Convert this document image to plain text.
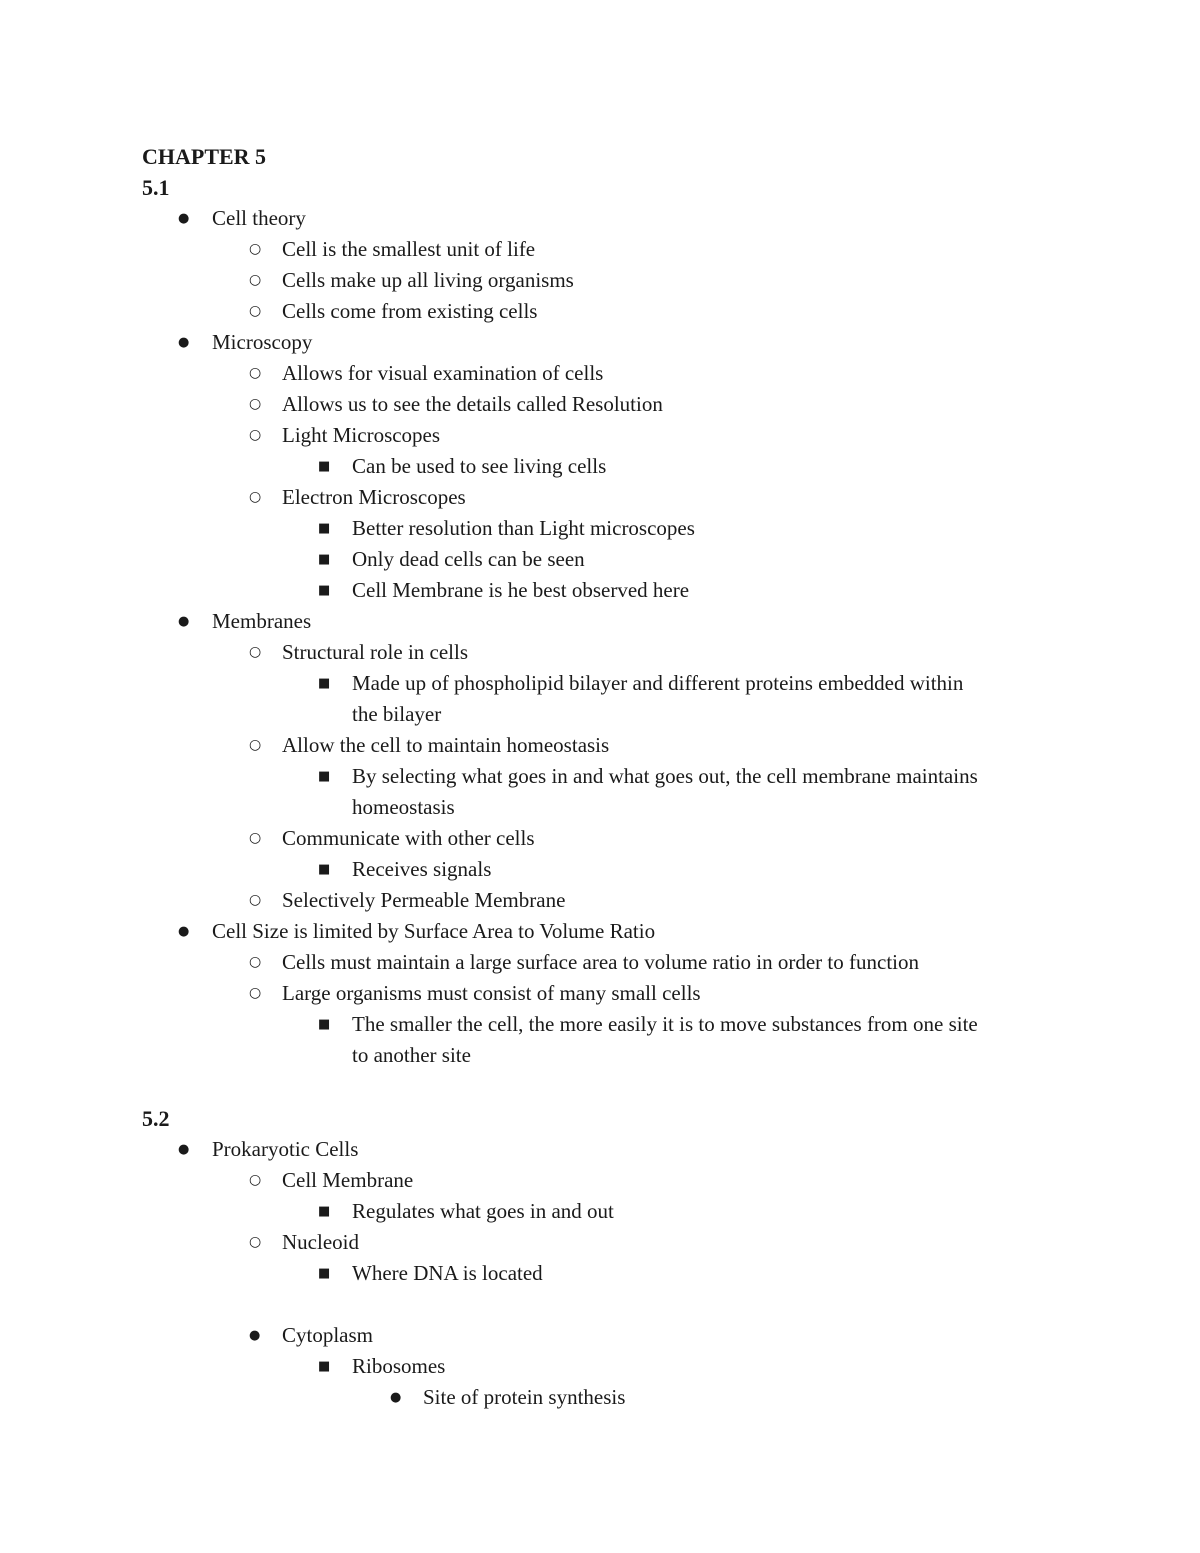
CHAPTER 5
5.1
● Cell theory
○ Cell is the smallest unit of life
○ Cells make up all living organisms
○ Cells come from existing cells
● Microscopy
○ Allows for visual examination of cells
○ Allows us to see the details called Resolution
○ Light Microscopes
■ Can be used to see living cells
○ Electron Microscopes
■ Better resolution than Light microscopes
■ Only dead cells can be seen
■ Cell Membrane is he best observed here
● Membranes
○ Structural role in cells
■ Made up of phospholipid bilayer and different proteins embedded within
the bilayer
○ Allow the cell to maintain homeostasis
■ By selecting what goes in and what goes out, the cell membrane maintains
homeostasis
○ Communicate with other cells
■ Receives signals
○ Selectively Permeable Membrane
● Cell Size is limited by Surface Area to Volume Ratio
○ Cells must maintain a large surface area to volume ratio in order to function
○ Large organisms must consist of many small cells
■ The smaller the cell, the more easily it is to move substances from one site
to another site
5.2
● Prokaryotic Cells
○ Cell Membrane
■ Regulates what goes in and out
○ Nucleoid
■ Where DNA is located
● Cytoplasm
■ Ribosomes
● Site of protein synthesis
